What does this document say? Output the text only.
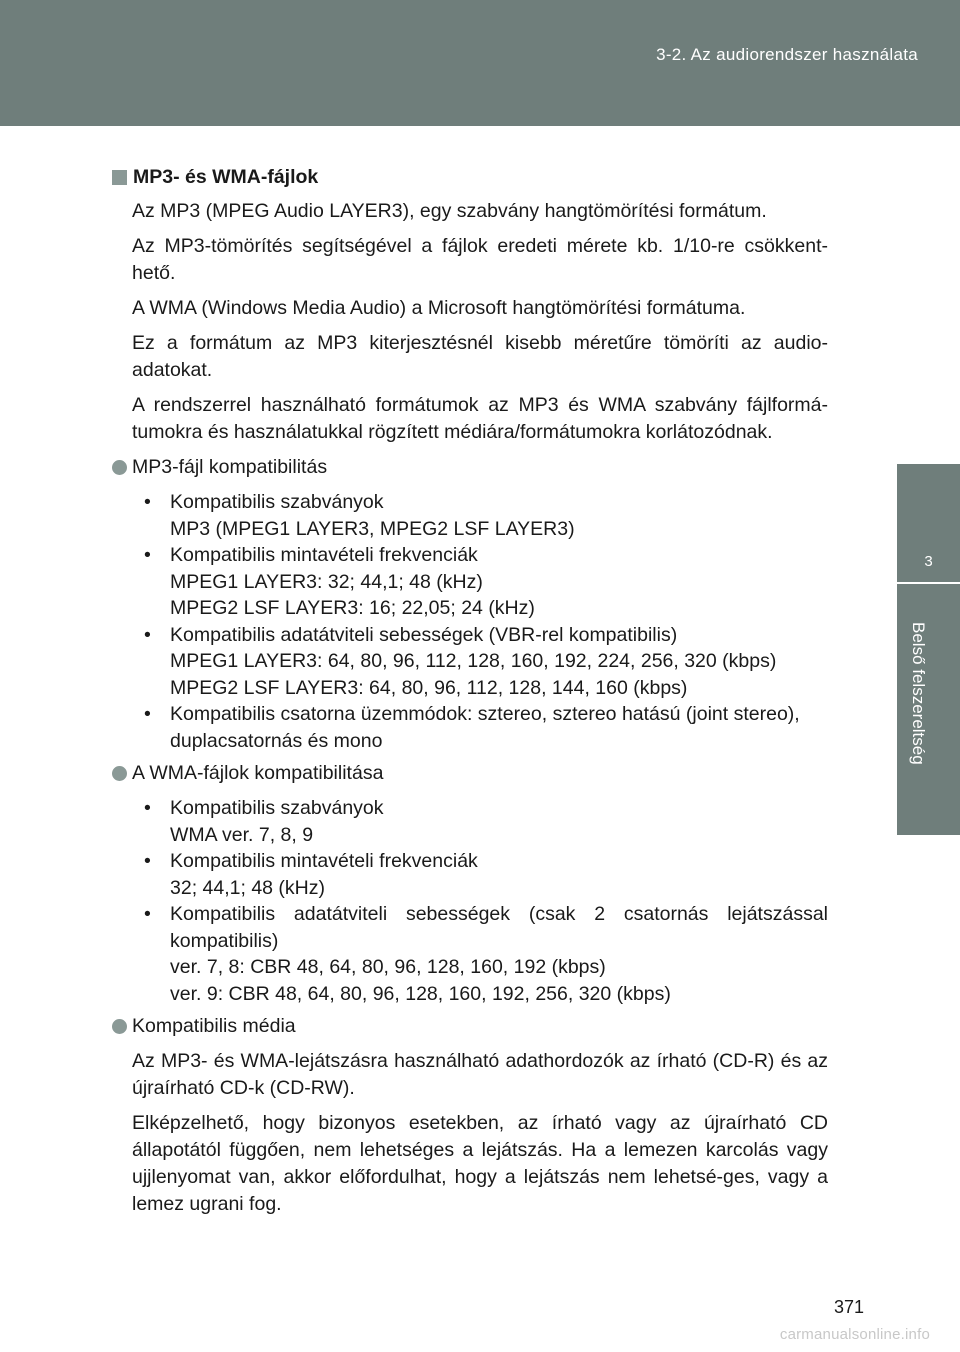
3-2. Az audiorendszer használata
3
Belső felszereltség
MP3- és WMA-fájlok

Az MP3 (MPEG Audio LAYER3), egy szabvány hangtömörítési formátum.

Az MP3-tömörítés segítségével a fájlok eredeti mérete kb. 1/10-re csökkent-hető.

A WMA (Windows Media Audio) a Microsoft hangtömörítési formátuma.

Ez a formátum az MP3 kiterjesztésnél kisebb méretűre tömöríti az audio-adatokat.

A rendszerrel használható formátumok az MP3 és WMA szabvány fájlformá-tumokra és használatukkal rögzített médiára/formátumokra korlátozódnak.

MP3-fájl kompatibilitás
• Kompatibilis szabványok
MP3 (MPEG1 LAYER3, MPEG2 LSF LAYER3)
• Kompatibilis mintavételi frekvenciák
MPEG1 LAYER3: 32; 44,1; 48 (kHz)
MPEG2 LSF LAYER3: 16; 22,05; 24 (kHz)
• Kompatibilis adatátviteli sebességek (VBR-rel kompatibilis)
MPEG1 LAYER3: 64, 80, 96, 112, 128, 160, 192, 224, 256, 320 (kbps)
MPEG2 LSF LAYER3: 64, 80, 96, 112, 128, 144, 160 (kbps)
• Kompatibilis csatorna üzemmódok: sztereo, sztereo hatású (joint stereo),
duplacsatornás és mono
A WMA-fájlok kompatibilitása
• Kompatibilis szabványok
WMA ver. 7, 8, 9
• Kompatibilis mintavételi frekvenciák
32; 44,1; 48 (kHz)
• Kompatibilis adatátviteli sebességek (csak 2 csatornás lejátszással kompatibilis)
ver. 7, 8: CBR 48, 64, 80, 96, 128, 160, 192 (kbps)
ver. 9: CBR 48, 64, 80, 96, 128, 160, 192, 256, 320 (kbps)
Kompatibilis média

Az MP3- és WMA-lejátszásra használható adathordozók az írható (CD-R) és az újraírható CD-k (CD-RW).

Elképzelhető, hogy bizonyos esetekben, az írható vagy az újraírható CD állapotától függően, nem lehetséges a lejátszás. Ha a lemezen karcolás vagy ujjlenyomat van, akkor előfordulhat, hogy a lejátszás nem lehetsé-ges, vagy a lemez ugrani fog.

371
carmanualsonline.info
